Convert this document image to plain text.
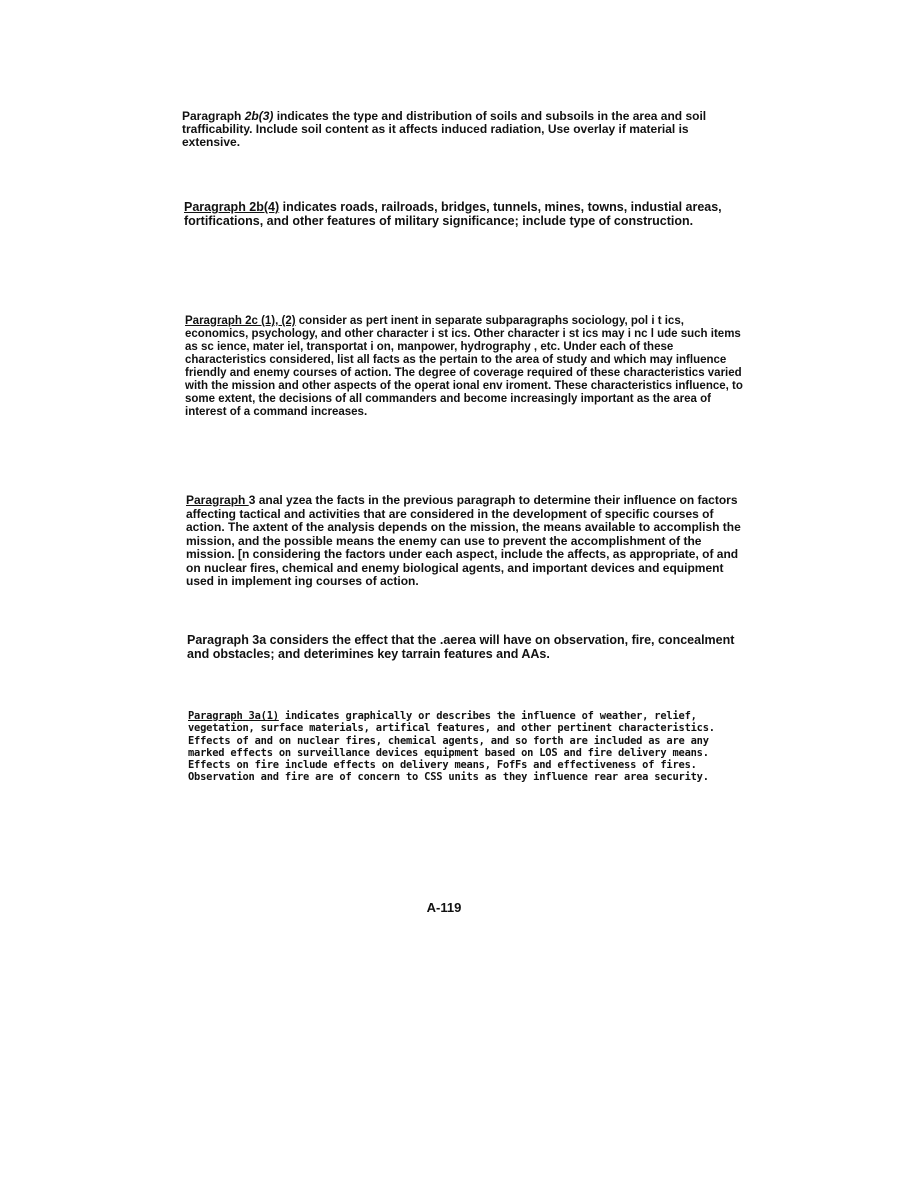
Paragraph 2b(3) indicates the type and distribution of soils and subsoils in the area and soil trafficability. Include soil content as it affects induced radiation, Use overlay if material is extensive.

Paragraph 2b(4) indicates roads, railroads, bridges, tunnels, mines, towns, industial areas, fortifications, and other features of military significance; include type of construction.

Paragraph 2c (1), (2) consider as pert inent in separate subparagraphs sociology, pol i t ics, economics, psychology, and other character i st ics. Other character i st ics may i nc l ude such items as sc ience, mater iel, transportat i on, manpower, hydrography , etc. Under each of these characteristics considered, list all facts as the pertain to the area of study and which may influence friendly and enemy courses of action. The degree of coverage required of these characteristics varied with the mission and other aspects of the operat ional env iroment. These characteristics influence, to some extent, the decisions of all commanders and become increasingly important as the area of interest of a command increases.

Paragraph 3 anal yzea the facts in the previous paragraph to determine their influence on factors affecting tactical and activities that are considered in the development of specific courses of action. The axtent of the analysis depends on the mission, the means available to accomplish the mission, and the possible means the enemy can use to prevent the accomplishment of the mission. [n considering the factors under each aspect, include the affects, as appropriate, of and on nuclear fires, chemical and enemy biological agents, and important devices and equipment used in implement ing courses of action.

Paragraph 3a considers the effect that the .aerea will have on observation, fire, concealment and obstacles; and deterimines key tarrain features and AAs.

Paragraph 3a(1) indicates graphically or describes the influence of weather, relief, vegetation, surface materials, artifical features, and other pertinent characteristics. Effects of and on nuclear fires, chemical agents, and so forth are included as are any marked effects on surveillance devices equipment based on LOS and fire delivery means. Effects on fire include effects on delivery means, FofFs and effectiveness of fires. Observation and fire are of concern to CSS units as they influence rear area security.

A-119
